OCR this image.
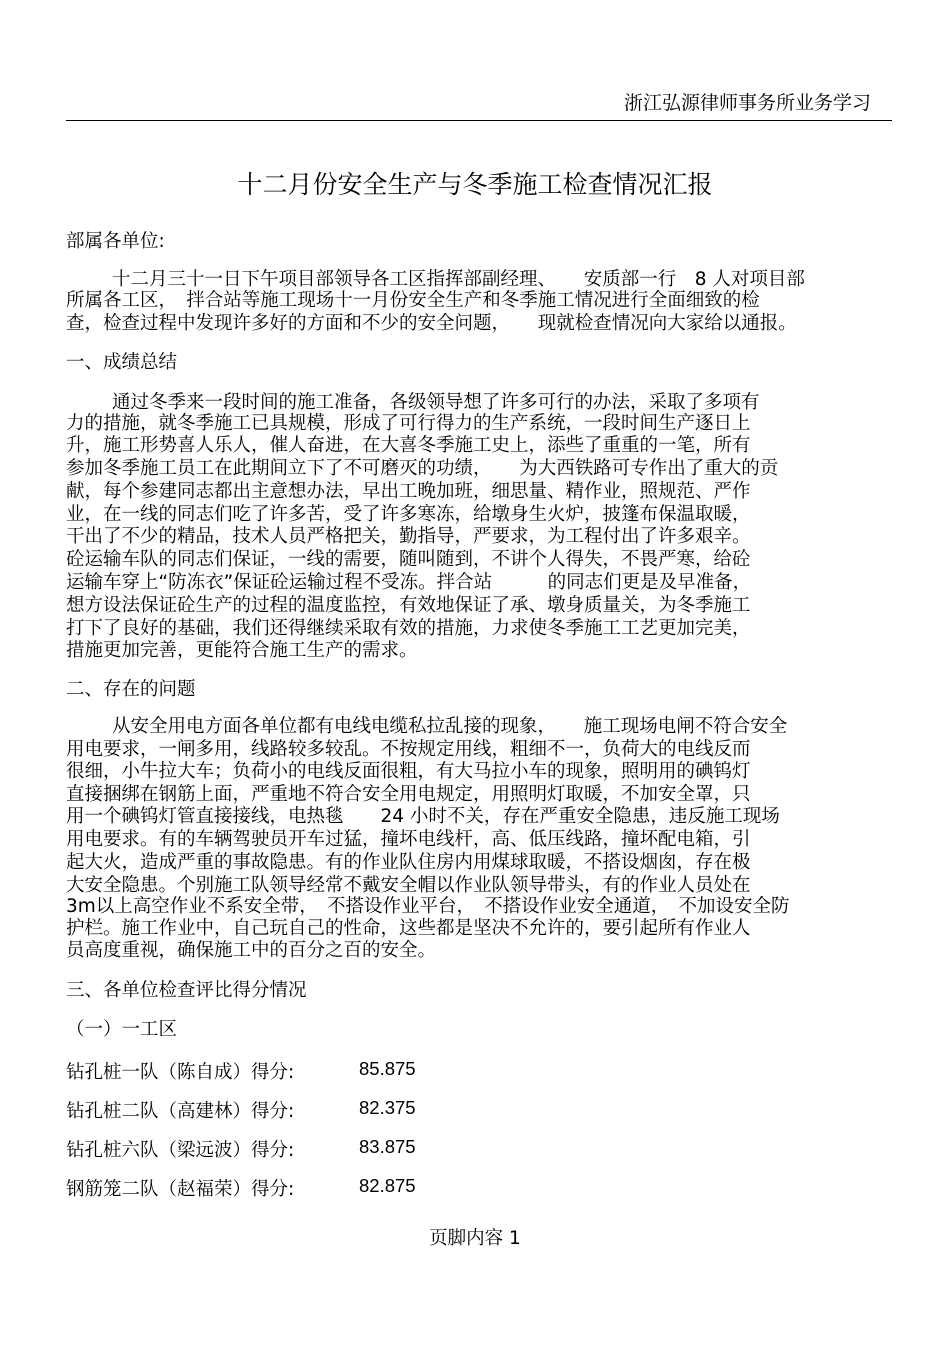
浙江弘源律师事务所业务学习
十二月份安全生产与冬季施工检查情况汇报
部属各单位:
十二月三十一日下午项目部领导各工区指挥部副经理、　　安质部一行　8 人对项目部
所属各工区，　拌合站等施工现场十一月份安全生产和冬季施工情况进行全面细致的检
查，检查过程中发现许多好的方面和不少的安全问题，　　现就检查情况向大家给以通报。
一、成绩总结
通过冬季来一段时间的施工准备，各级领导想了许多可行的办法，采取了多项有
力的措施，就冬季施工已具规模，形成了可行得力的生产系统，一段时间生产逐日上
升，施工形势喜人乐人，催人奋进，在大喜冬季施工史上，添些了重重的一笔，所有
参加冬季施工员工在此期间立下了不可磨灭的功绩，　　为大西铁路可专作出了重大的贡
献，每个参建同志都出主意想办法，早出工晚加班，细思量、精作业，照规范、严作
业，在一线的同志们吃了许多苦，受了许多寒冻，给墩身生火炉，披篷布保温取暖，
干出了不少的精品，技术人员严格把关，勤指导，严要求，为工程付出了许多艰辛。
砼运输车队的同志们保证，一线的需要，随叫随到，不讲个人得失，不畏严寒，给砼
运输车穿上“防冻衣”保证砼运输过程不受冻。拌合站　　　的同志们更是及早准备，
想方设法保证砼生产的过程的温度监控，有效地保证了承、墩身质量关，为冬季施工
打下了良好的基础，我们还得继续采取有效的措施，力求使冬季施工工艺更加完美，
措施更加完善，更能符合施工生产的需求。
二、存在的问题
从安全用电方面各单位都有电线电缆私拉乱接的现象，　　施工现场电闸不符合安全
用电要求，一闸多用，线路较多较乱。不按规定用线，粗细不一，负荷大的电线反而
很细，小牛拉大车；负荷小的电线反面很粗，有大马拉小车的现象，照明用的碘钨灯
直接捆绑在钢筋上面，严重地不符合安全用电规定，用照明灯取暖，不加安全罩，只
用一个碘钨灯管直接接线，电热毯　　24 小时不关，存在严重安全隐患，违反施工现场
用电要求。有的车辆驾驶员开车过猛，撞坏电线杆，高、低压线路，撞坏配电箱，引
起大火，造成严重的事故隐患。有的作业队住房内用煤球取暖，不搭设烟囱，存在极
大安全隐患。个别施工队领导经常不戴安全帽以作业队领导带头，有的作业人员处在
3m以上高空作业不系安全带，　不搭设作业平台，　不搭设作业安全通道，　不加设安全防
护栏。施工作业中，自己玩自己的性命，这些都是坚决不允许的，要引起所有作业人
员高度重视，确保施工中的百分之百的安全。
三、各单位检查评比得分情况
（一）一工区
钻孔桩一队（陈自成）得分:	85.875
钻孔桩二队（高建林）得分:	82.375
钻孔桩六队（梁远波）得分:	83.875
钢筋笼二队（赵福荣）得分:	82.875
页脚内容 1
